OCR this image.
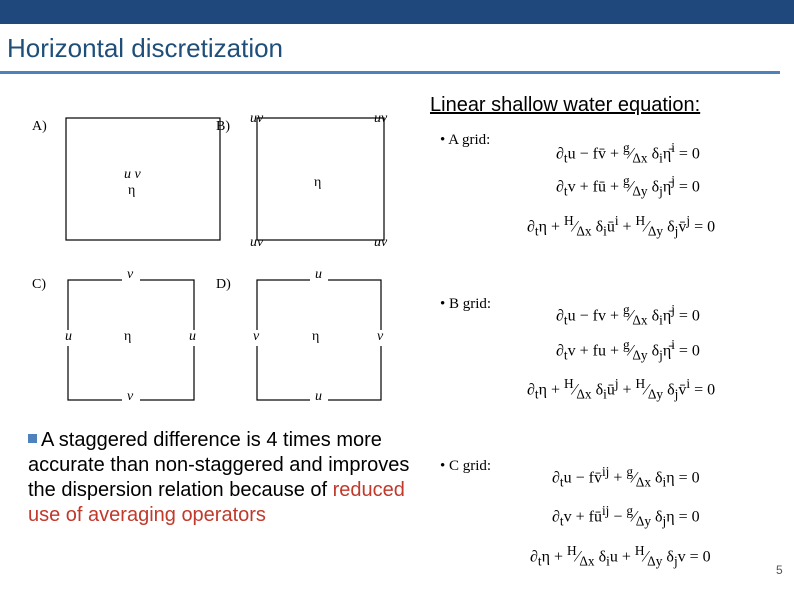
Horizontal discretization
Linear shallow water equation:
A)
u v
η
B)
uv	uv
uv	uv
η
C)
v
v
u	u
η
D)
u
u
v	v
η
• A grid:
$\partial_tu$ − fv̄ + $^g⁄_{\Delta x}$ $\delta_i\etā^i = 0$
$\partial_tv$ + fū + $^g⁄_{\Delta y}$ $\delta_j\etā^j = 0$
$\partial_t\eta$ + $^H⁄_{\Delta x}$ $\delta_iū^i$ + $^H⁄_{\Delta y}$ $\delta_jv̄^j = 0$
• B grid:
$\partial_tu$ − fv + $^g⁄_{\Delta x}$ $\delta_i\etā^j = 0$
$\partial_tv$ + fu + $^g⁄_{\Delta y}$ $\delta_j\etā^i = 0$
$\partial_t\eta$ + $^H⁄_{\Delta x}$ $\delta_iū^j$ + $^H⁄_{\Delta y}$ $\delta_jv̄^i = 0$
• C grid:
$\partial_tu$ − fv̄$^{ij}$ + $^g⁄_{\Delta x}$ $\delta_i\eta = 0$
$\partial_tv$ + $fū^{ij}$ − $^g⁄_{\Delta y}$ $\delta_j\eta = 0$
$\partial_t\eta$ + $^H⁄_{\Delta x}$ $\delta_iu$ + $^H⁄_{\Delta y}$ $\delta_jv = 0$
A staggered difference is 4 times more accurate than non-staggered and improves the dispersion relation because of reduced use of averaging operators
5
